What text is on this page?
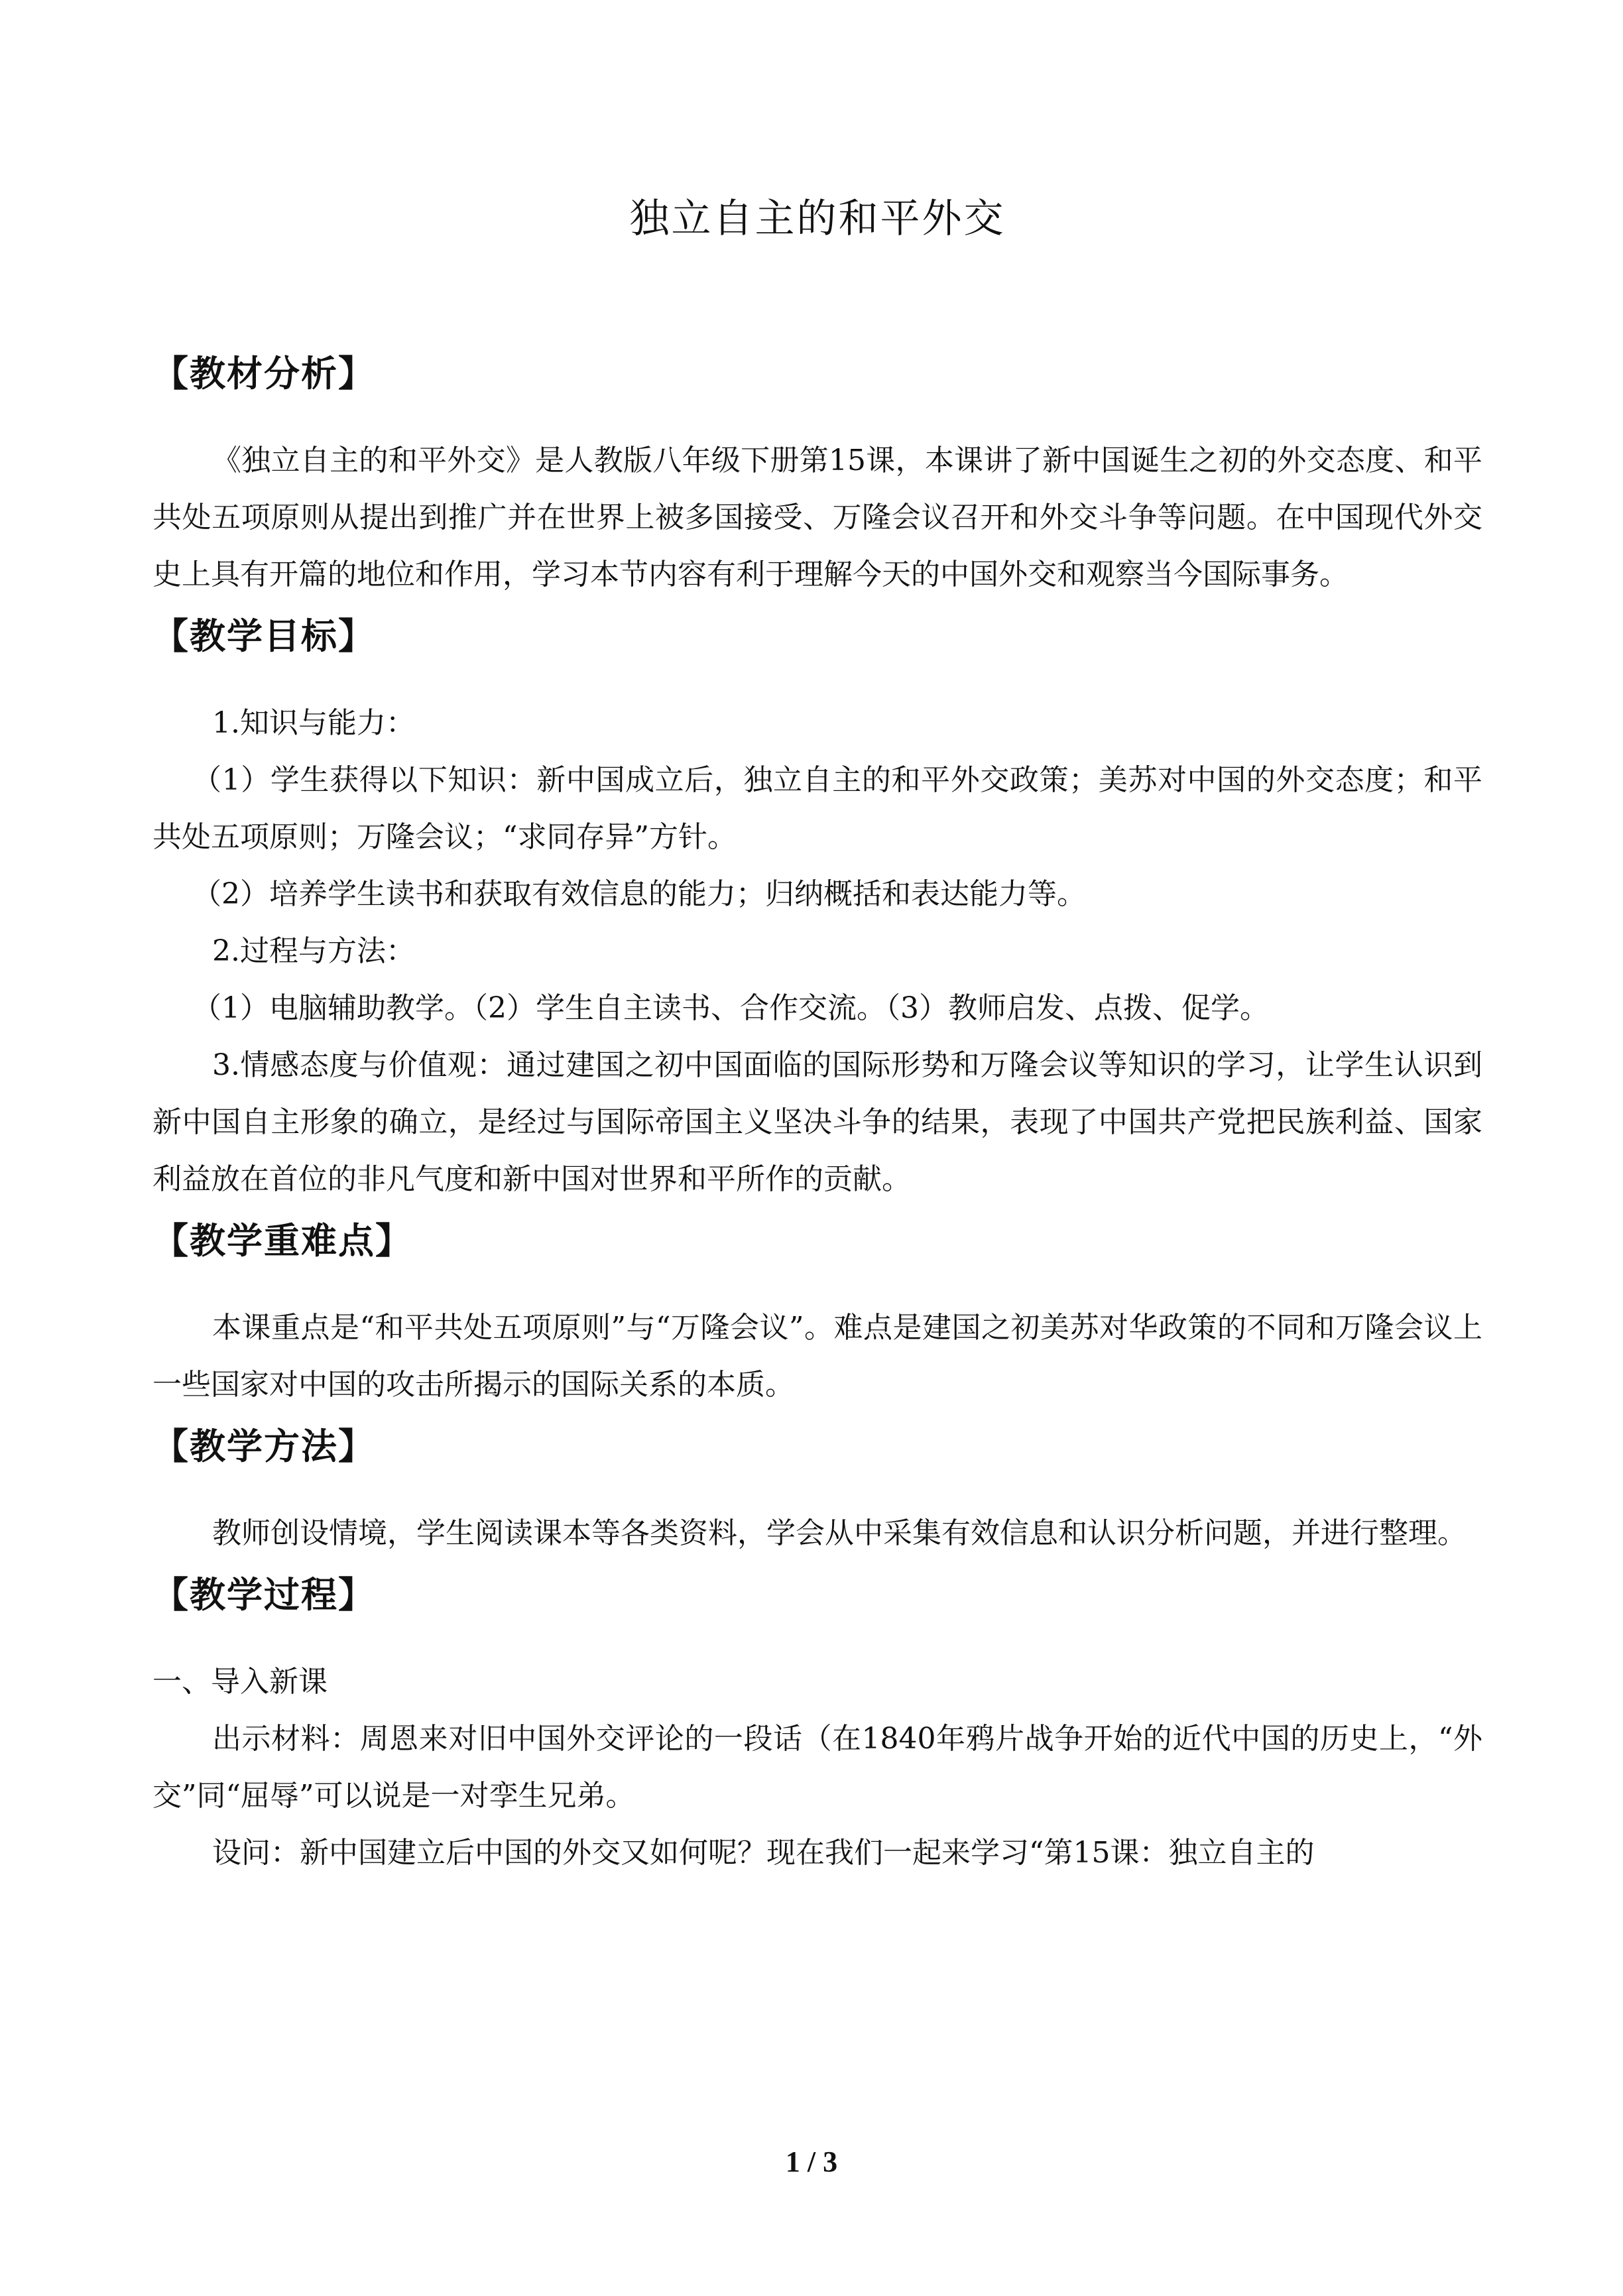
独立自主的和平外交
【教材分析】

《独立自主的和平外交》是人教版八年级下册第15课，本课讲了新中国诞生之初的外交态度、和平共处五项原则从提出到推广并在世界上被多国接受、万隆会议召开和外交斗争等问题。在中国现代外交史上具有开篇的地位和作用，学习本节内容有利于理解今天的中国外交和观察当今国际事务。

【教学目标】

1.知识与能力：

（1）学生获得以下知识：新中国成立后，独立自主的和平外交政策；美苏对中国的外交态度；和平共处五项原则；万隆会议；“求同存异”方针。

（2）培养学生读书和获取有效信息的能力；归纳概括和表达能力等。

2.过程与方法：

（1）电脑辅助教学。（2）学生自主读书、合作交流。（3）教师启发、点拨、促学。

3.情感态度与价值观：通过建国之初中国面临的国际形势和万隆会议等知识的学习，让学生认识到新中国自主形象的确立，是经过与国际帝国主义坚决斗争的结果，表现了中国共产党把民族利益、国家利益放在首位的非凡气度和新中国对世界和平所作的贡献。

【教学重难点】

本课重点是“和平共处五项原则”与“万隆会议”。难点是建国之初美苏对华政策的不同和万隆会议上一些国家对中国的攻击所揭示的国际关系的本质。

【教学方法】

教师创设情境，学生阅读课本等各类资料，学会从中采集有效信息和认识分析问题，并进行整理。

【教学过程】

一、导入新课

出示材料：周恩来对旧中国外交评论的一段话（在1840年鸦片战争开始的近代中国的历史上，“外交”同“屈辱”可以说是一对孪生兄弟。

设问：新中国建立后中国的外交又如何呢？现在我们一起来学习“第15课：独立自主的

1 / 3
